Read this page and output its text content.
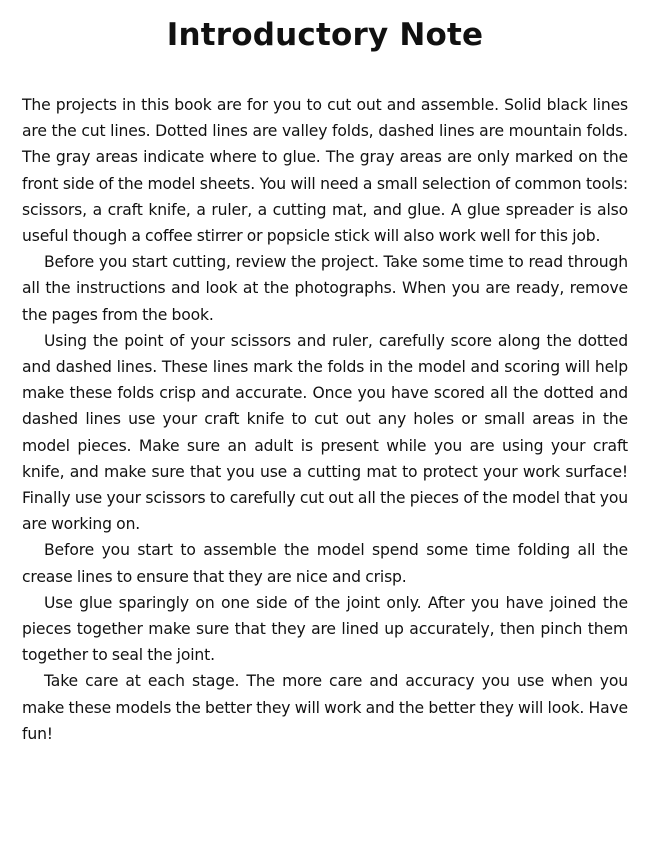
Introductory Note

The projects in this book are for you to cut out and assemble. Solid black lines are the cut lines. Dotted lines are valley folds, dashed lines are mountain folds. The gray areas indicate where to glue. The gray areas are only marked on the front side of the model sheets. You will need a small selection of common tools: scissors, a craft knife, a ruler, a cutting mat, and glue. A glue spreader is also useful though a coffee stirrer or popsicle stick will also work well for this job.

Before you start cutting, review the project. Take some time to read through all the instructions and look at the photographs. When you are ready, remove the pages from the book.

Using the point of your scissors and ruler, carefully score along the dotted and dashed lines. These lines mark the folds in the model and scoring will help make these folds crisp and accurate. Once you have scored all the dotted and dashed lines use your craft knife to cut out any holes or small areas in the model pieces. Make sure an adult is present while you are using your craft knife, and make sure that you use a cutting mat to protect your work surface! Finally use your scissors to carefully cut out all the pieces of the model that you are working on.

Before you start to assemble the model spend some time folding all the crease lines to ensure that they are nice and crisp.

Use glue sparingly on one side of the joint only. After you have joined the pieces together make sure that they are lined up accurately, then pinch them together to seal the joint.

Take care at each stage. The more care and accuracy you use when you make these models the better they will work and the better they will look. Have fun!
